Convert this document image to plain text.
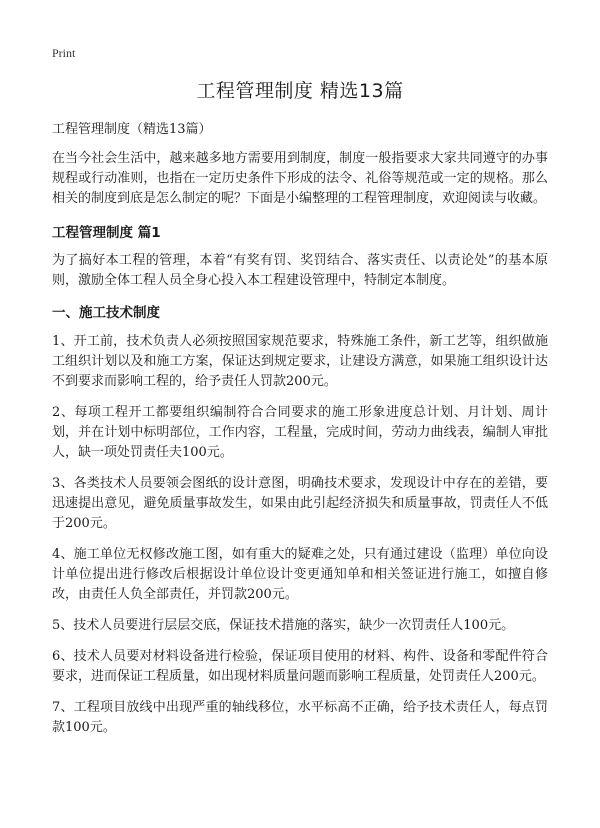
Print
工程管理制度 精选13篇

工程管理制度（精选13篇）

在当今社会生活中，越来越多地方需要用到制度，制度一般指要求大家共同遵守的办事规程或行动准则，也指在一定历史条件下形成的法令、礼俗等规范或一定的规格。那么相关的制度到底是怎么制定的呢？下面是小编整理的工程管理制度，欢迎阅读与收藏。

工程管理制度 篇1

为了搞好本工程的管理，本着“有奖有罚、奖罚结合、落实责任、以责论处”的基本原则，激励全体工程人员全身心投入本工程建设管理中，特制定本制度。

一、施工技术制度

1、开工前，技术负责人必须按照国家规范要求，特殊施工条件，新工艺等，组织做施工组织计划以及和施工方案，保证达到规定要求，让建设方满意，如果施工组织设计达不到要求而影响工程的，给予责任人罚款200元。

2、每项工程开工都要组织编制符合合同要求的施工形象进度总计划、月计划、周计划，并在计划中标明部位，工作内容，工程量，完成时间，劳动力曲线表，编制人审批人，缺一项处罚责任夫100元。

3、各类技术人员要领会图纸的设计意图，明确技术要求，发现设计中存在的差错，要迅速提出意见，避免质量事故发生，如果由此引起经济损失和质量事故，罚责任人不低于200元。

4、施工单位无权修改施工图，如有重大的疑难之处，只有通过建设（监理）单位向设计单位提出进行修改后根据设计单位设计变更通知单和相关签证进行施工，如擅自修改，由责任人负全部责任，并罚款200元。

5、技术人员要进行层层交底，保证技术措施的落实，缺少一次罚责任人100元。

6、技术人员要对材料设备进行检验，保证项目使用的材料、构件、设备和零配件符合要求，进而保证工程质量，如出现材料质量问题而影响工程质量，处罚责任人200元。

7、工程项目放线中出现严重的轴线移位，水平标高不正确，给予技术责任人，每点罚款100元。
